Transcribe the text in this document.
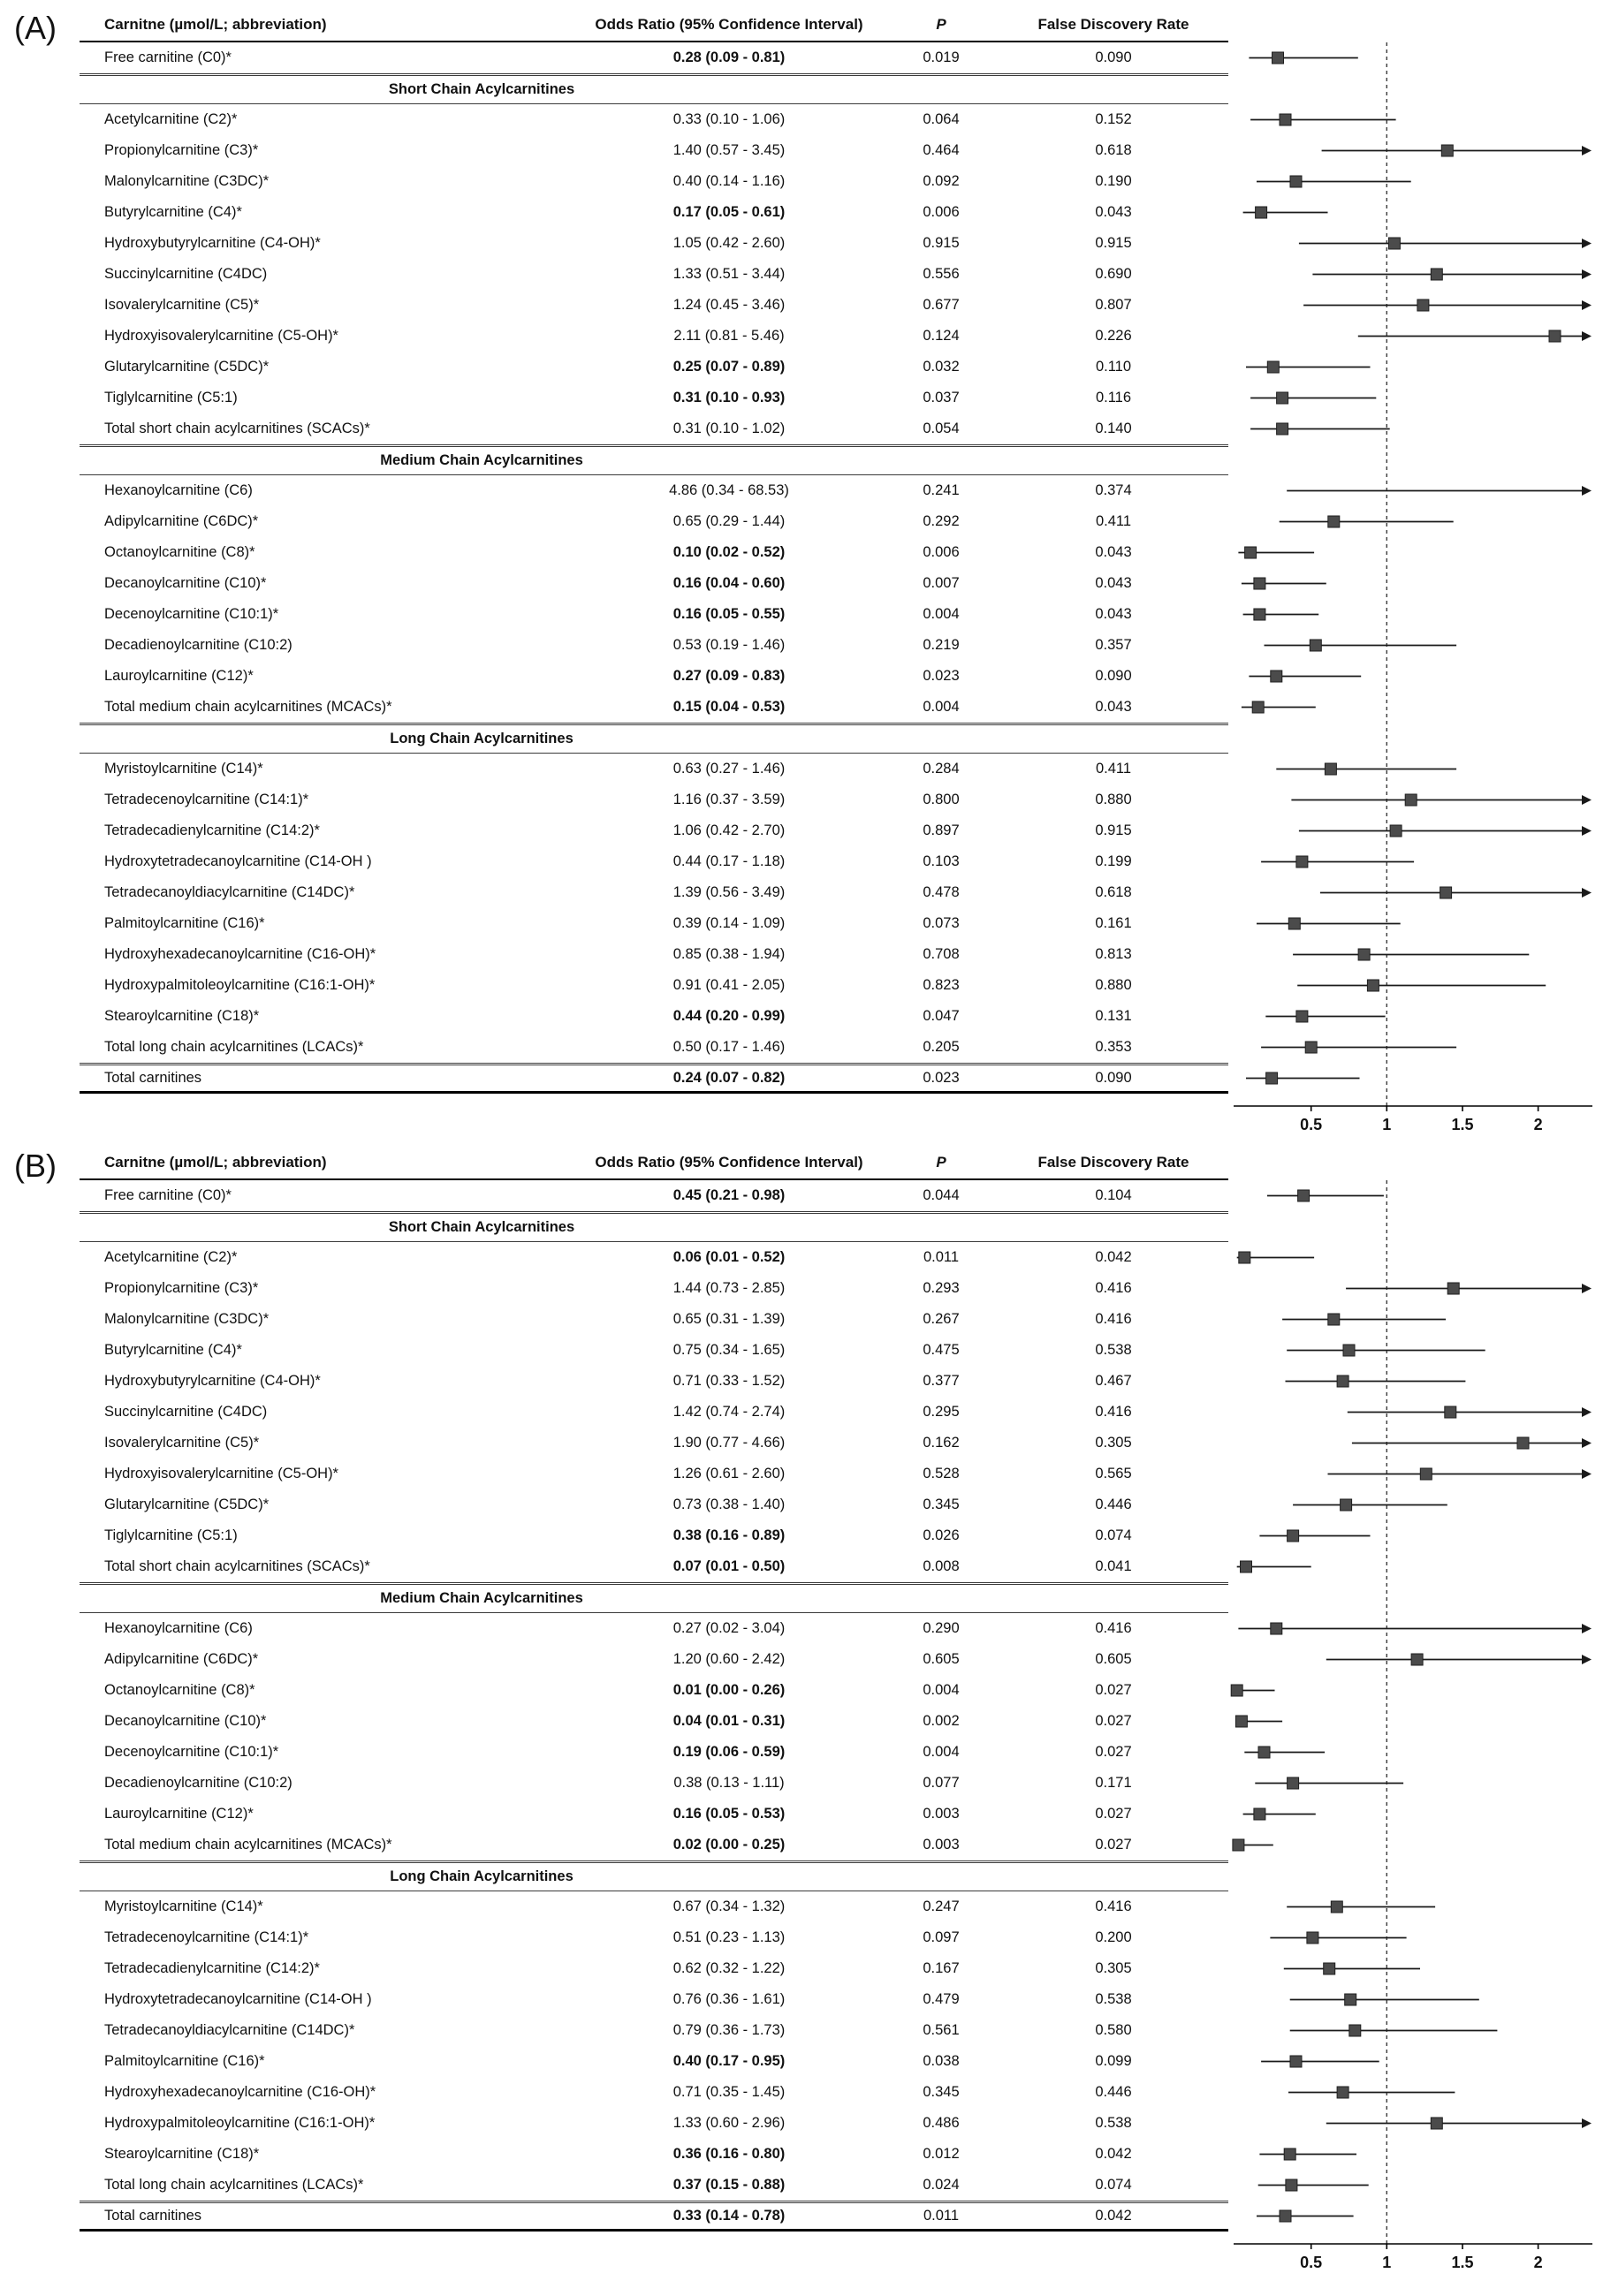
(A)	Carnitne (µmol/L; abbreviation)	Odds Ratio (95% Confidence Interval)	P	False Discovery Rate
Free carnitine (C0)*	0.28 (0.09 - 0.81)	0.019	0.090
Short Chain Acylcarnitines
Acetylcarnitine (C2)*	0.33 (0.10 - 1.06)	0.064	0.152
Propionylcarnitine (C3)*	1.40 (0.57 - 3.45)	0.464	0.618
Malonylcarnitine (C3DC)*	0.40 (0.14 - 1.16)	0.092	0.190
Butyrylcarnitine (C4)*	0.17 (0.05 - 0.61)	0.006	0.043
Hydroxybutyrylcarnitine (C4-OH)*	1.05 (0.42 - 2.60)	0.915	0.915
Succinylcarnitine (C4DC)	1.33 (0.51 - 3.44)	0.556	0.690
Isovalerylcarnitine (C5)*	1.24 (0.45 - 3.46)	0.677	0.807
Hydroxyisovalerylcarnitine (C5-OH)*	2.11 (0.81 - 5.46)	0.124	0.226
Glutarylcarnitine (C5DC)*	0.25 (0.07 - 0.89)	0.032	0.110
Tiglylcarnitine (C5:1)	0.31 (0.10 - 0.93)	0.037	0.116
Total short chain acylcarnitines (SCACs)*	0.31 (0.10 - 1.02)	0.054	0.140
Medium Chain Acylcarnitines
Hexanoylcarnitine (C6)	4.86 (0.34 - 68.53)	0.241	0.374
Adipylcarnitine (C6DC)*	0.65 (0.29 - 1.44)	0.292	0.411
Octanoylcarnitine (C8)*	0.10 (0.02 - 0.52)	0.006	0.043
Decanoylcarnitine (C10)*	0.16 (0.04 - 0.60)	0.007	0.043
Decenoylcarnitine (C10:1)*	0.16 (0.05 - 0.55)	0.004	0.043
Decadienoylcarnitine (C10:2)	0.53 (0.19 - 1.46)	0.219	0.357
Lauroylcarnitine (C12)*	0.27 (0.09 - 0.83)	0.023	0.090
Total medium chain acylcarnitines (MCACs)*	0.15 (0.04 - 0.53)	0.004	0.043
Long Chain Acylcarnitines
Myristoylcarnitine (C14)*	0.63 (0.27 - 1.46)	0.284	0.411
Tetradecenoylcarnitine (C14:1)*	1.16 (0.37 - 3.59)	0.800	0.880
Tetradecadienylcarnitine (C14:2)*	1.06 (0.42 - 2.70)	0.897	0.915
Hydroxytetradecanoylcarnitine (C14-OH )	0.44 (0.17 - 1.18)	0.103	0.199
Tetradecanoyldiacylcarnitine (C14DC)*	1.39 (0.56 - 3.49)	0.478	0.618
Palmitoylcarnitine (C16)*	0.39 (0.14 - 1.09)	0.073	0.161
Hydroxyhexadecanoylcarnitine (C16-OH)*	0.85 (0.38 - 1.94)	0.708	0.813
Hydroxypalmitoleoylcarnitine (C16:1-OH)*	0.91 (0.41 - 2.05)	0.823	0.880
Stearoylcarnitine (C18)*	0.44 (0.20 - 0.99)	0.047	0.131
Total long chain acylcarnitines (LCACs)*	0.50 (0.17 - 1.46)	0.205	0.353
Total carnitines	0.24 (0.07 - 0.82)	0.023	0.090
0.5	1	1.5	2
(B)	Carnitne (µmol/L; abbreviation)	Odds Ratio (95% Confidence Interval)	P	False Discovery Rate
Free carnitine (C0)*	0.45 (0.21 - 0.98)	0.044	0.104
Short Chain Acylcarnitines
Acetylcarnitine (C2)*	0.06 (0.01 - 0.52)	0.011	0.042
Propionylcarnitine (C3)*	1.44 (0.73 - 2.85)	0.293	0.416
Malonylcarnitine (C3DC)*	0.65 (0.31 - 1.39)	0.267	0.416
Butyrylcarnitine (C4)*	0.75 (0.34 - 1.65)	0.475	0.538
Hydroxybutyrylcarnitine (C4-OH)*	0.71 (0.33 - 1.52)	0.377	0.467
Succinylcarnitine (C4DC)	1.42 (0.74 - 2.74)	0.295	0.416
Isovalerylcarnitine (C5)*	1.90 (0.77 - 4.66)	0.162	0.305
Hydroxyisovalerylcarnitine (C5-OH)*	1.26 (0.61 - 2.60)	0.528	0.565
Glutarylcarnitine (C5DC)*	0.73 (0.38 - 1.40)	0.345	0.446
Tiglylcarnitine (C5:1)	0.38 (0.16 - 0.89)	0.026	0.074
Total short chain acylcarnitines (SCACs)*	0.07 (0.01 - 0.50)	0.008	0.041
Medium Chain Acylcarnitines
Hexanoylcarnitine (C6)	0.27 (0.02 - 3.04)	0.290	0.416
Adipylcarnitine (C6DC)*	1.20 (0.60 - 2.42)	0.605	0.605
Octanoylcarnitine (C8)*	0.01 (0.00 - 0.26)	0.004	0.027
Decanoylcarnitine (C10)*	0.04 (0.01 - 0.31)	0.002	0.027
Decenoylcarnitine (C10:1)*	0.19 (0.06 - 0.59)	0.004	0.027
Decadienoylcarnitine (C10:2)	0.38 (0.13 - 1.11)	0.077	0.171
Lauroylcarnitine (C12)*	0.16 (0.05 - 0.53)	0.003	0.027
Total medium chain acylcarnitines (MCACs)*	0.02 (0.00 - 0.25)	0.003	0.027
Long Chain Acylcarnitines
Myristoylcarnitine (C14)*	0.67 (0.34 - 1.32)	0.247	0.416
Tetradecenoylcarnitine (C14:1)*	0.51 (0.23 - 1.13)	0.097	0.200
Tetradecadienylcarnitine (C14:2)*	0.62 (0.32 - 1.22)	0.167	0.305
Hydroxytetradecanoylcarnitine (C14-OH )	0.76 (0.36 - 1.61)	0.479	0.538
Tetradecanoyldiacylcarnitine (C14DC)*	0.79 (0.36 - 1.73)	0.561	0.580
Palmitoylcarnitine (C16)*	0.40 (0.17 - 0.95)	0.038	0.099
Hydroxyhexadecanoylcarnitine (C16-OH)*	0.71 (0.35 - 1.45)	0.345	0.446
Hydroxypalmitoleoylcarnitine (C16:1-OH)*	1.33 (0.60 - 2.96)	0.486	0.538
Stearoylcarnitine (C18)*	0.36 (0.16 - 0.80)	0.012	0.042
Total long chain acylcarnitines (LCACs)*	0.37 (0.15 - 0.88)	0.024	0.074
Total carnitines	0.33 (0.14 - 0.78)	0.011	0.042
0.5	1	1.5	2
